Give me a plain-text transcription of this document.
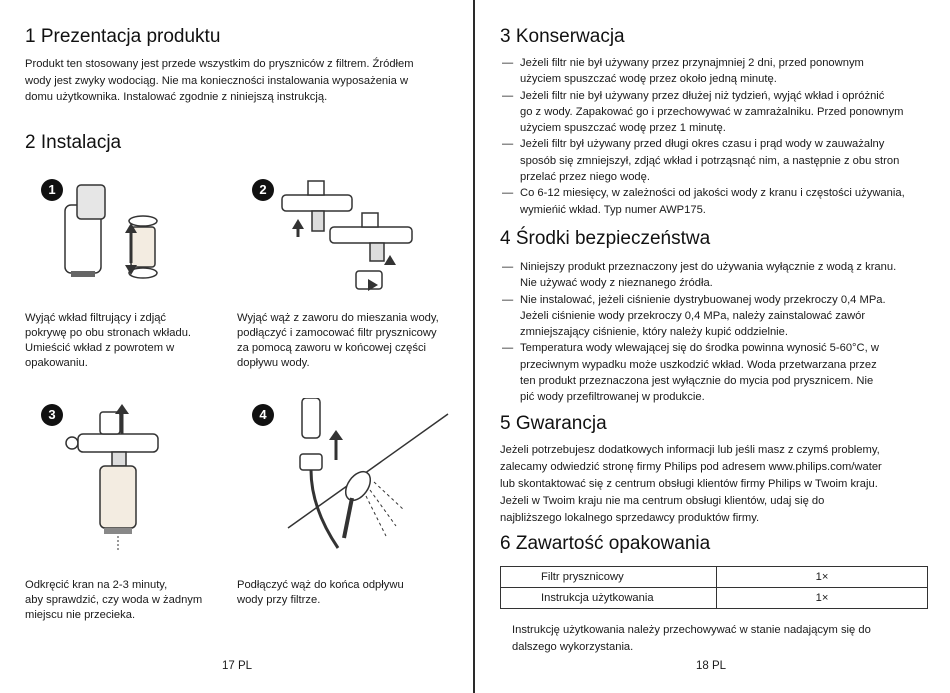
1 Prezentacja produktu
Produkt ten stosowany jest przede wszystkim do pryszniców z filtrem. Źródłem
wody jest zwyky wodociąg. Nie ma konieczności instalowania wyposażenia w
domu użytkownika. Instalować zgodnie z niniejszą instrukcją.
2 Instalacja
1	2
Wyjąć wkład filtrujący i zdjąć
pokrywę po obu stronach wkładu.
Umieścić wkład z powrotem w
opakowaniu.
Wyjąć wąż z zaworu do mieszania wody,
podłączyć i zamocować filtr prysznicowy
za pomocą zaworu w końcowej części
dopływu wody.
3	4
Odkręcić kran na 2-3 minuty,
aby sprawdzić, czy woda w żadnym
miejscu nie przecieka.
Podłączyć wąż do końca odpływu
wody przy filtrze.
17 PL
3 Konserwacja
— Jeżeli filtr nie był używany przez przynajmniej 2 dni, przed ponownym
użyciem spuszczać wodę przez około jedną minutę.
— Jeżeli filtr nie był używany przez dłużej niż tydzień, wyjąć wkład i opróżnić
go z wody. Zapakować go i przechowywać w zamrażalniku. Przed ponownym
użyciem spuszczać wodę przez 1 minutę.
— Jeżeli filtr był używany przed długi okres czasu i prąd wody w zauważalny
sposób się zmniejszył, zdjąć wkład i potrząsnąć nim, a następnie z obu stron
przelać przez niego wodę.
— Co 6-12 miesięcy, w zależności od jakości wody z kranu i częstości używania,
wymieńić wkład. Typ numer AWP175.
4 Środki bezpieczeństwa
— Niniejszy produkt przeznaczony jest do używania wyłącznie z wodą z kranu.
Nie używać wody z nieznanego źródła.
— Nie instalować, jeżeli ciśnienie dystrybuowanej wody przekroczy 0,4 MPa.
Jeżeli ciśnienie wody przekroczy 0,4 MPa, należy zainstalować zawór
zmniejszający ciśnienie, który należy kupić oddzielnie.
— Temperatura wody wlewającej się do środka powinna wynosić 5-60°C, w
przeciwnym wypadku może uszkodzić wkład. Woda przetwarzana przez
ten produkt przeznaczona jest wyłącznie do mycia pod prysznicem. Nie
pić wody przefiltrowanej w produkcie.
5 Gwarancja
Jeżeli potrzebujesz dodatkowych informacji lub jeśli masz z czymś problemy,
zalecamy odwiedzić stronę firmy Philips pod adresem www.philips.com/water
lub skontaktować się z centrum obsługi klientów firmy Philips w Twoim kraju.
Jeżeli w Twoim kraju nie ma centrum obsługi klientów, udaj się do
najbliższego lokalnego sprzedawcy produktów firmy.
6 Zawartość opakowania
Filtr prysznicowy	1×
Instrukcja użytkowania	1×
Instrukcję użytkowania należy przechowywać w stanie nadającym się do
dalszego wykorzystania.
18 PL
